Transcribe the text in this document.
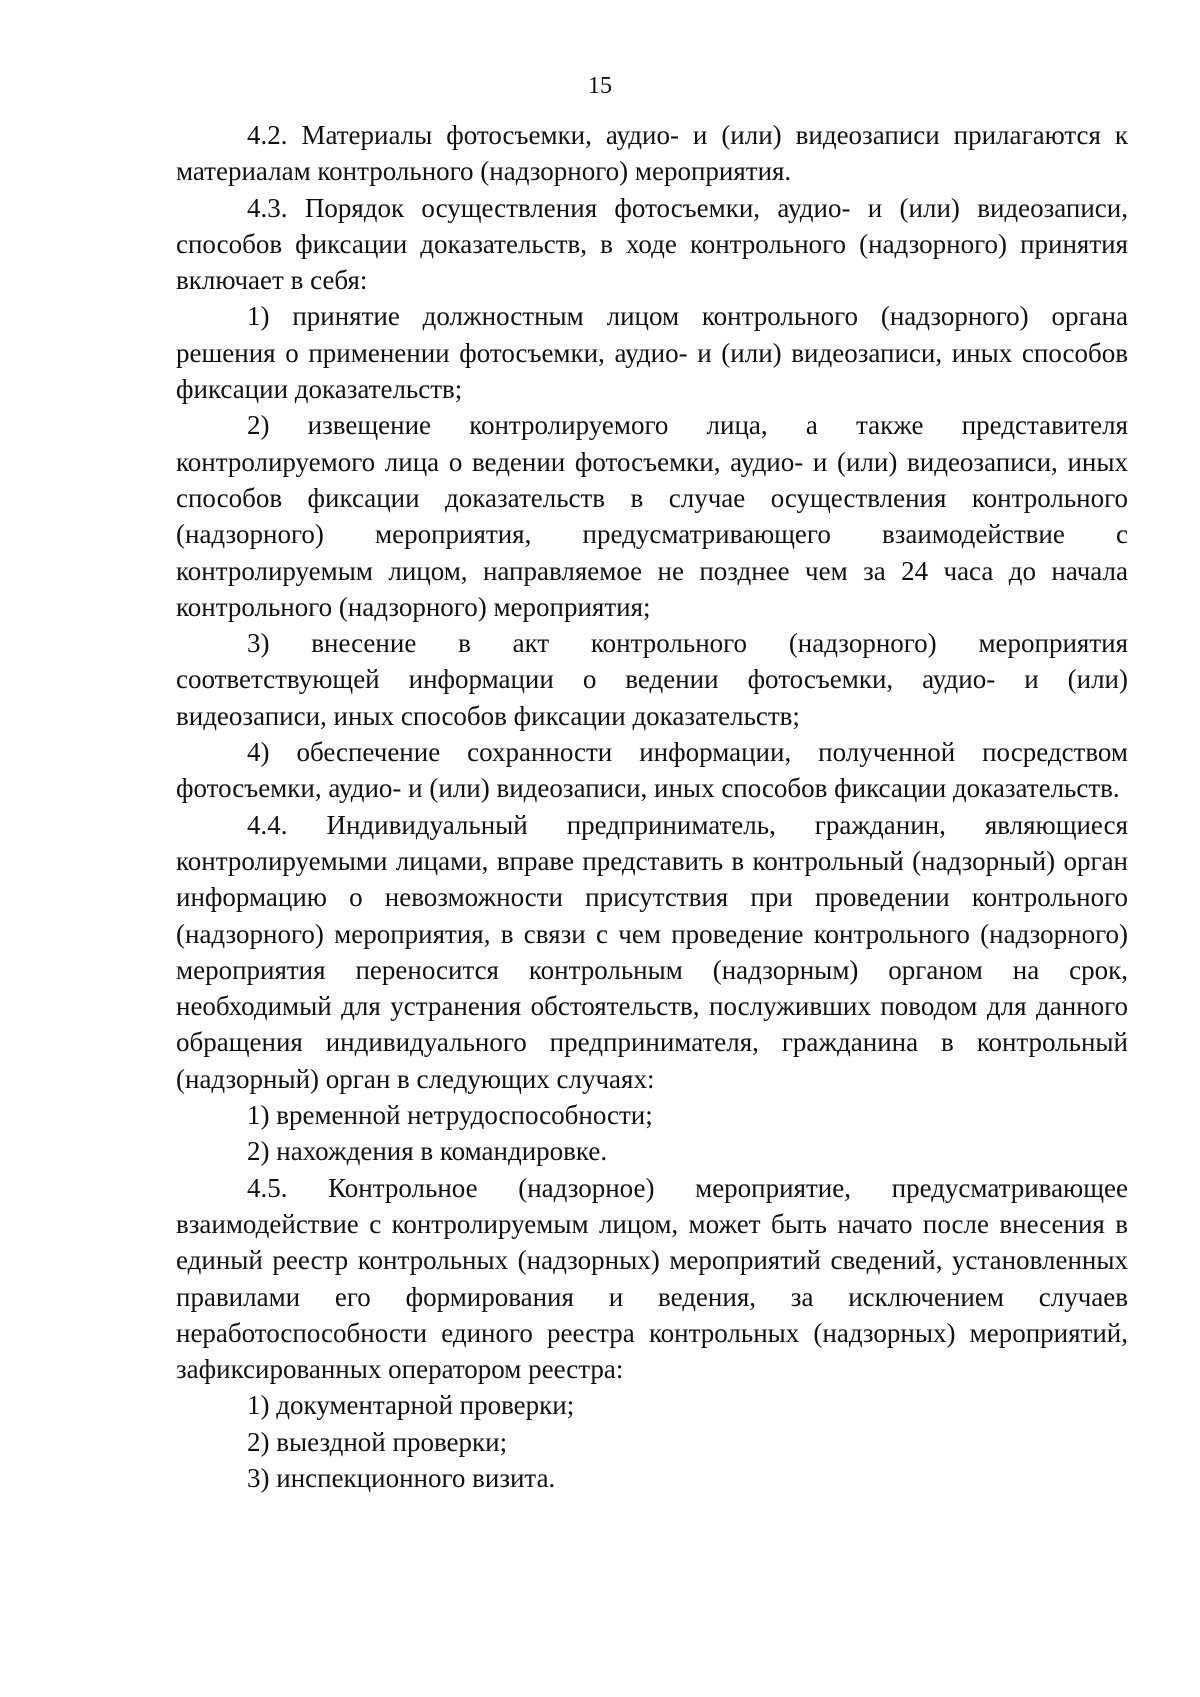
15

4.2. Материалы фотосъемки, аудио- и (или) видеозаписи прилагаются к материалам контрольного (надзорного) мероприятия.

4.3. Порядок осуществления фотосъемки, аудио- и (или) видеозаписи, способов фиксации доказательств, в ходе контрольного (надзорного) принятия включает в себя:

1) принятие должностным лицом контрольного (надзорного) органа решения о применении фотосъемки, аудио- и (или) видеозаписи, иных способов фиксации доказательств;

2) извещение контролируемого лица, а также представителя контролируемого лица о ведении фотосъемки, аудио- и (или) видеозаписи, иных способов фиксации доказательств в случае осуществления контрольного (надзорного) мероприятия, предусматривающего взаимодействие с контролируемым лицом, направляемое не позднее чем за 24 часа до начала контрольного (надзорного) мероприятия;

3) внесение в акт контрольного (надзорного) мероприятия соответствующей информации о ведении фотосъемки, аудио- и (или) видеозаписи, иных способов фиксации доказательств;

4) обеспечение сохранности информации, полученной посредством фотосъемки, аудио- и (или) видеозаписи, иных способов фиксации доказательств.

4.4. Индивидуальный предприниматель, гражданин, являющиеся контролируемыми лицами, вправе представить в контрольный (надзорный) орган информацию о невозможности присутствия при проведении контрольного (надзорного) мероприятия, в связи с чем проведение контрольного (надзорного) мероприятия переносится контрольным (надзорным) органом на срок, необходимый для устранения обстоятельств, послуживших поводом для данного обращения индивидуального предпринимателя, гражданина в контрольный (надзорный) орган в следующих случаях:

1) временной нетрудоспособности;

2) нахождения в командировке.

4.5. Контрольное (надзорное) мероприятие, предусматривающее взаимодействие с контролируемым лицом, может быть начато после внесения в единый реестр контрольных (надзорных) мероприятий сведений, установленных правилами его формирования и ведения, за исключением случаев неработоспособности единого реестра контрольных (надзорных) мероприятий, зафиксированных оператором реестра:

1) документарной проверки;

2) выездной проверки;

3) инспекционного визита.
